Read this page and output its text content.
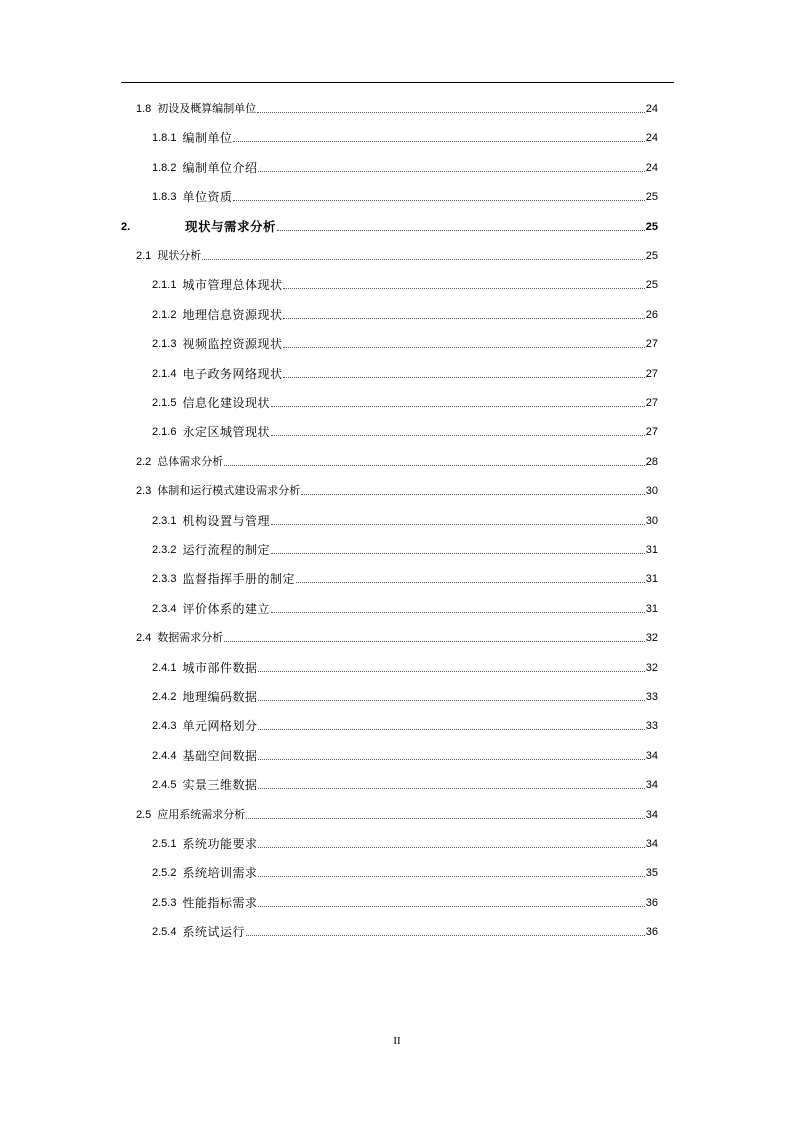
1.8 初设及概算编制单位	24
1.8.1 编制单位	24
1.8.2 编制单位介绍	24
1.8.3 单位资质	25
2.	现状与需求分析	25
2.1 现状分析	25
2.1.1 城市管理总体现状	25
2.1.2 地理信息资源现状	26
2.1.3 视频监控资源现状	27
2.1.4 电子政务网络现状	27
2.1.5 信息化建设现状	27
2.1.6 永定区城管现状	27
2.2 总体需求分析	28
2.3 体制和运行模式建设需求分析	30
2.3.1 机构设置与管理	30
2.3.2 运行流程的制定	31
2.3.3 监督指挥手册的制定	31
2.3.4 评价体系的建立	31
2.4 数据需求分析	32
2.4.1 城市部件数据	32
2.4.2 地理编码数据	33
2.4.3 单元网格划分	33
2.4.4 基础空间数据	34
2.4.5 实景三维数据	34
2.5 应用系统需求分析	34
2.5.1 系统功能要求	34
2.5.2 系统培训需求	35
2.5.3 性能指标需求	36
2.5.4 系统试运行	36
II
